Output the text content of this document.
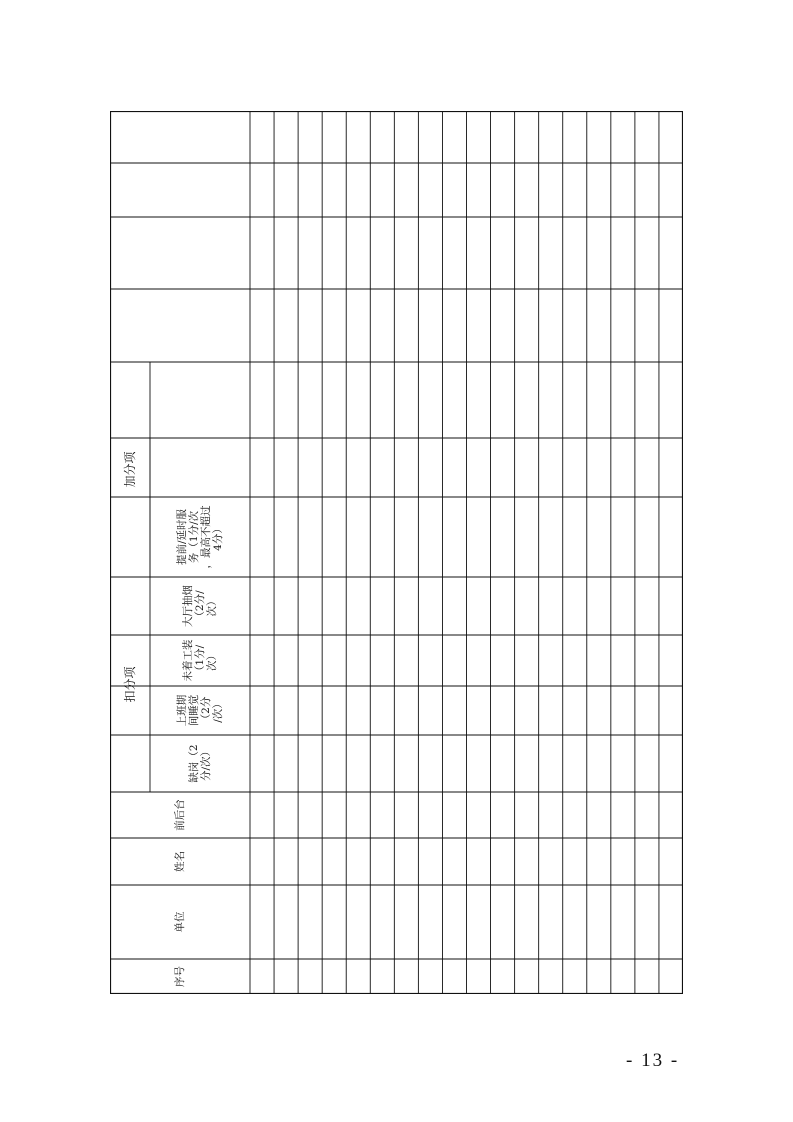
扣分项
加分项
序号
单位
姓名
前后台
缺岗（2 分/次）
上班期 间睡觉 （2分 /次）
未着工装 （1分/ 次）
大厅抽烟 （2分/ 次）
提前/延时服 务（1分/次 ，最高不超过 4分）
- 13 -
